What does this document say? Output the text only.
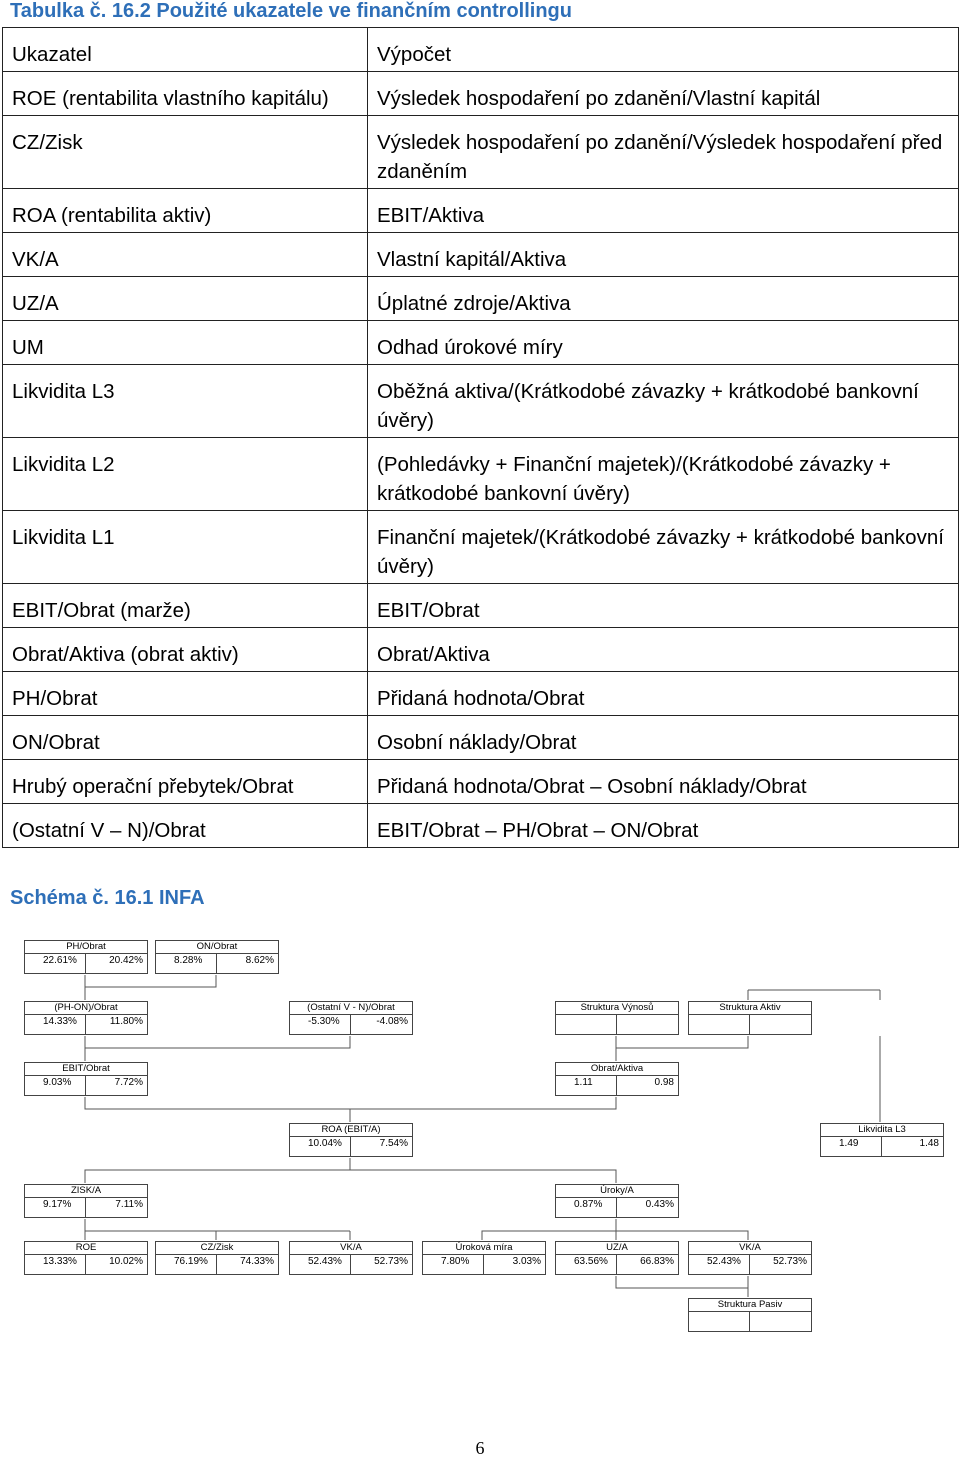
Tabulka č. 16.2 Použité ukazatele ve finančním controllingu
Ukazatel	Výpočet
ROE (rentabilita vlastního kapitálu)	Výsledek hospodaření po zdanění/Vlastní kapitál
CZ/Zisk	Výsledek hospodaření po zdanění/Výsledek hospodaření před zdaněním
ROA (rentabilita aktiv)	EBIT/Aktiva
VK/A	Vlastní kapitál/Aktiva
UZ/A	Úplatné zdroje/Aktiva
UM	Odhad úrokové míry
Likvidita L3	Oběžná aktiva/(Krátkodobé závazky + krátkodobé bankovní úvěry)
Likvidita L2	(Pohledávky + Finanční majetek)/(Krátkodobé závazky + krátkodobé bankovní úvěry)
Likvidita L1	Finanční majetek/(Krátkodobé závazky + krátkodobé bankovní úvěry)
EBIT/Obrat (marže)	EBIT/Obrat
Obrat/Aktiva (obrat aktiv)	Obrat/Aktiva
PH/Obrat	Přidaná hodnota/Obrat
ON/Obrat	Osobní náklady/Obrat
Hrubý operační přebytek/Obrat	Přidaná hodnota/Obrat – Osobní náklady/Obrat
(Ostatní V – N)/Obrat	EBIT/Obrat – PH/Obrat – ON/Obrat
Schéma č. 16.1 INFA
PH/Obrat
22.61%	20.42%
ON/Obrat
8.28%	8.62%
(PH-ON)/Obrat
14.33%	11.80%
(Ostatní V - N)/Obrat
-5.30%	-4.08%
Struktura Výnosů	Struktura Aktiv
EBIT/Obrat
9.03%	7.72%
Obrat/Aktiva
1.11	0.98
ROA (EBIT/A)
10.04%	7.54%
Likvidita L3
1.49	1.48
ZISK/A
9.17%	7.11%
Úroky/A
0.87%	0.43%
ROE
13.33%	10.02%
CZ/Zisk
76.19%	74.33%
VK/A
52.43%	52.73%
Úroková míra
7.80%	3.03%
UZ/A
63.56%	66.83%
VK/A
52.43%	52.73%
Struktura Pasiv
6
